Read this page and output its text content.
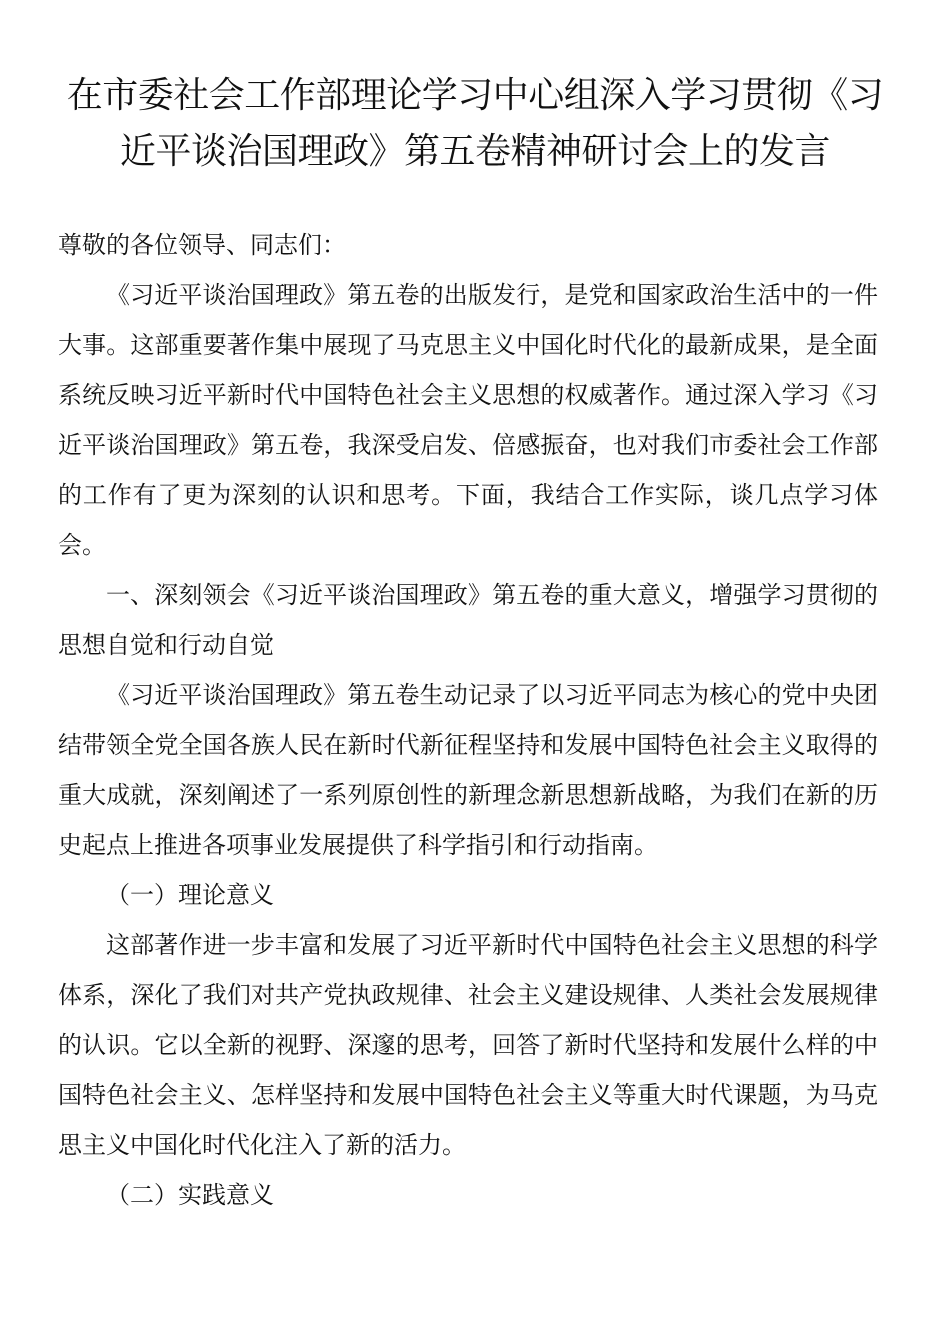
在市委社会工作部理论学习中心组深入学习贯彻《习近平谈治国理政》第五卷精神研讨会上的发言

尊敬的各位领导、同志们：

《习近平谈治国理政》第五卷的出版发行，是党和国家政治生活中的一件大事。这部重要著作集中展现了马克思主义中国化时代化的最新成果，是全面系统反映习近平新时代中国特色社会主义思想的权威著作。通过深入学习《习近平谈治国理政》第五卷，我深受启发、倍感振奋，也对我们市委社会工作部的工作有了更为深刻的认识和思考。下面，我结合工作实际，谈几点学习体会。

一、深刻领会《习近平谈治国理政》第五卷的重大意义，增强学习贯彻的思想自觉和行动自觉

《习近平谈治国理政》第五卷生动记录了以习近平同志为核心的党中央团结带领全党全国各族人民在新时代新征程坚持和发展中国特色社会主义取得的重大成就，深刻阐述了一系列原创性的新理念新思想新战略，为我们在新的历史起点上推进各项事业发展提供了科学指引和行动指南。

（一）理论意义

这部著作进一步丰富和发展了习近平新时代中国特色社会主义思想的科学体系，深化了我们对共产党执政规律、社会主义建设规律、人类社会发展规律的认识。它以全新的视野、深邃的思考，回答了新时代坚持和发展什么样的中国特色社会主义、怎样坚持和发展中国特色社会主义等重大时代课题，为马克思主义中国化时代化注入了新的活力。

（二）实践意义
